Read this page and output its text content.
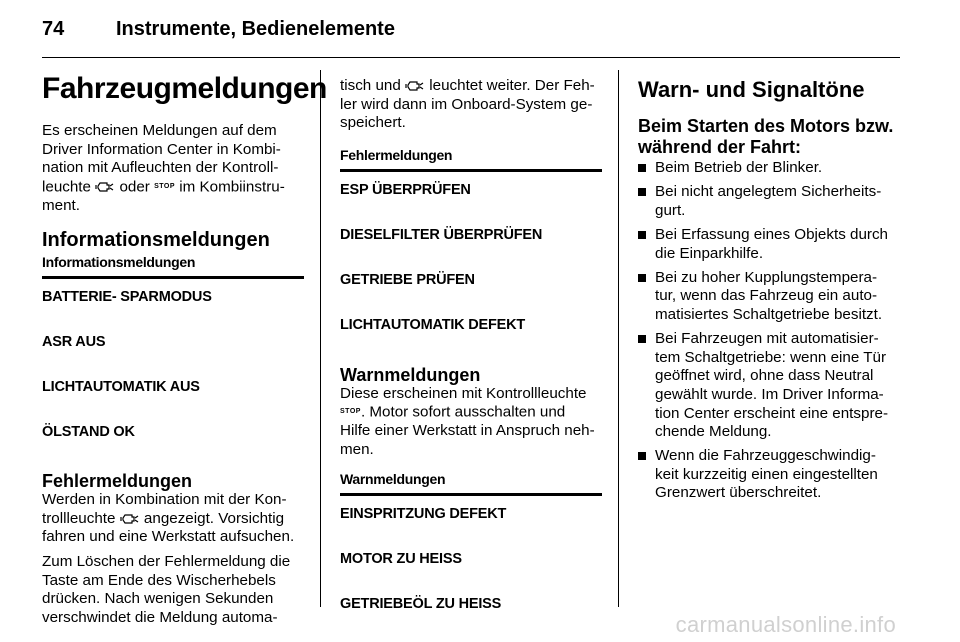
74	Instrumente, Bedienelemente
Fahrzeugmeldungen
Es erscheinen Meldungen auf dem
Driver Information Center in Kombi-
nation mit Aufleuchten der Kontroll-
leuchte oder STOP im Kombiinstru-
ment.
Informationsmeldungen
Informationsmeldungen
BATTERIE- SPARMODUS
ASR AUS
LICHTAUTOMATIK AUS
ÖLSTAND OK
Fehlermeldungen
Werden in Kombination mit der Kon-
trollleuchte angezeigt. Vorsichtig
fahren und eine Werkstatt aufsuchen.
Zum Löschen der Fehlermeldung die
Taste am Ende des Wischerhebels
drücken. Nach wenigen Sekunden
verschwindet die Meldung automa-
tisch und leuchtet weiter. Der Feh-
ler wird dann im Onboard-System ge-
speichert.
Fehlermeldungen
ESP ÜBERPRÜFEN
DIESELFILTER ÜBERPRÜFEN
GETRIEBE PRÜFEN
LICHTAUTOMATIK DEFEKT
Warnmeldungen
Diese erscheinen mit Kontrollleuchte
STOP. Motor sofort ausschalten und
Hilfe einer Werkstatt in Anspruch neh-
men.
Warnmeldungen
EINSPRITZUNG DEFEKT
MOTOR ZU HEISS
GETRIEBEÖL ZU HEISS
Warn- und Signaltöne
Beim Starten des Motors bzw.
während der Fahrt:
Beim Betrieb der Blinker.
Bei nicht angelegtem Sicherheits-
gurt.
Bei Erfassung eines Objekts durch
die Einparkhilfe.
Bei zu hoher Kupplungstempera-
tur, wenn das Fahrzeug ein auto-
matisiertes Schaltgetriebe besitzt.
Bei Fahrzeugen mit automatisier-
tem Schaltgetriebe: wenn eine Tür
geöffnet wird, ohne dass Neutral
gewählt wurde. Im Driver Informa-
tion Center erscheint eine entspre-
chende Meldung.
Wenn die Fahrzeuggeschwindig-
keit kurzzeitig einen eingestellten
Grenzwert überschreitet.
carmanualsonline.info
